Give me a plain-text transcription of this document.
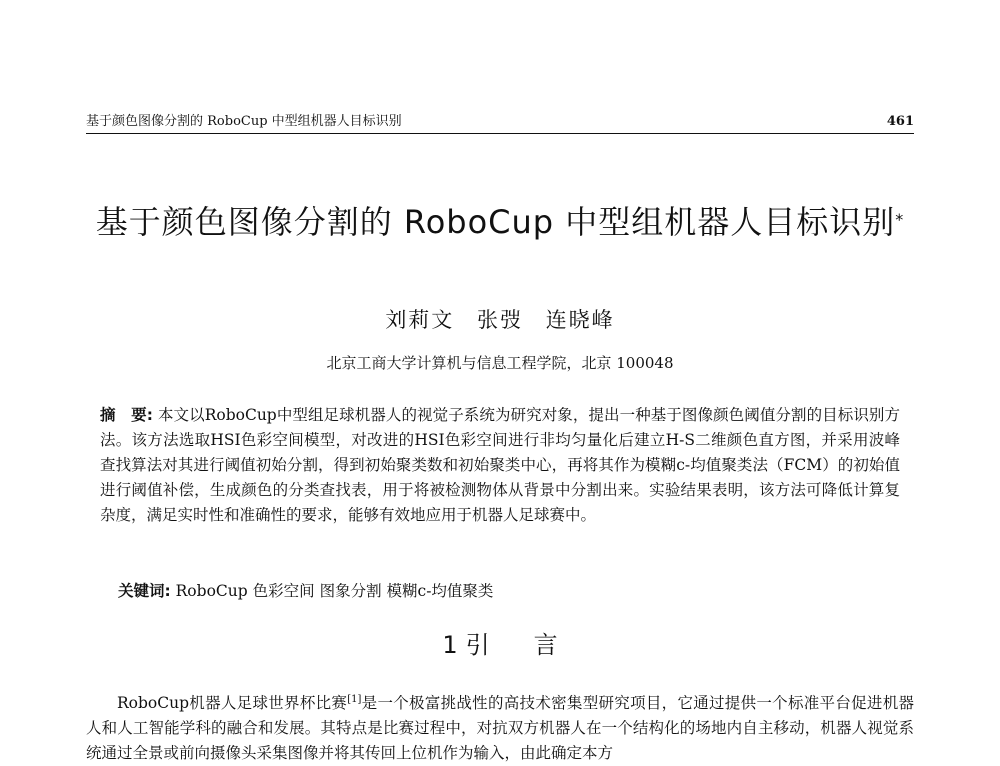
基于颜色图像分割的 RoboCup 中型组机器人目标识别	461

基于颜色图像分割的 RoboCup 中型组机器人目标识别*
刘莉文 张弢 连晓峰
北京工商大学计算机与信息工程学院，北京 100048
摘　要: 本文以RoboCup中型组足球机器人的视觉子系统为研究对象，提出一种基于图像颜色阈值分割的目标识别方法。该方法选取HSI色彩空间模型，对改进的HSI色彩空间进行非均匀量化后建立H-S二维颜色直方图，并采用波峰查找算法对其进行阈值初始分割，得到初始聚类数和初始聚类中心，再将其作为模糊c-均值聚类法（FCM）的初始值进行阈值补偿，生成颜色的分类查找表，用于将被检测物体从背景中分割出来。实验结果表明，该方法可降低计算复杂度，满足实时性和准确性的要求，能够有效地应用于机器人足球赛中。
关键词: RoboCup 色彩空间 图象分割 模糊c-均值聚类
1 引 言
RoboCup机器人足球世界杯比赛[1]是一个极富挑战性的高技术密集型研究项目，它通过提供一个标准平台促进机器人和人工智能学科的融合和发展。其特点是比赛过程中，对抗双方机器人在一个结构化的场地内自主移动，机器人视觉系统通过全景或前向摄像头采集图像并将其传回上位机作为输入，由此确定本方
